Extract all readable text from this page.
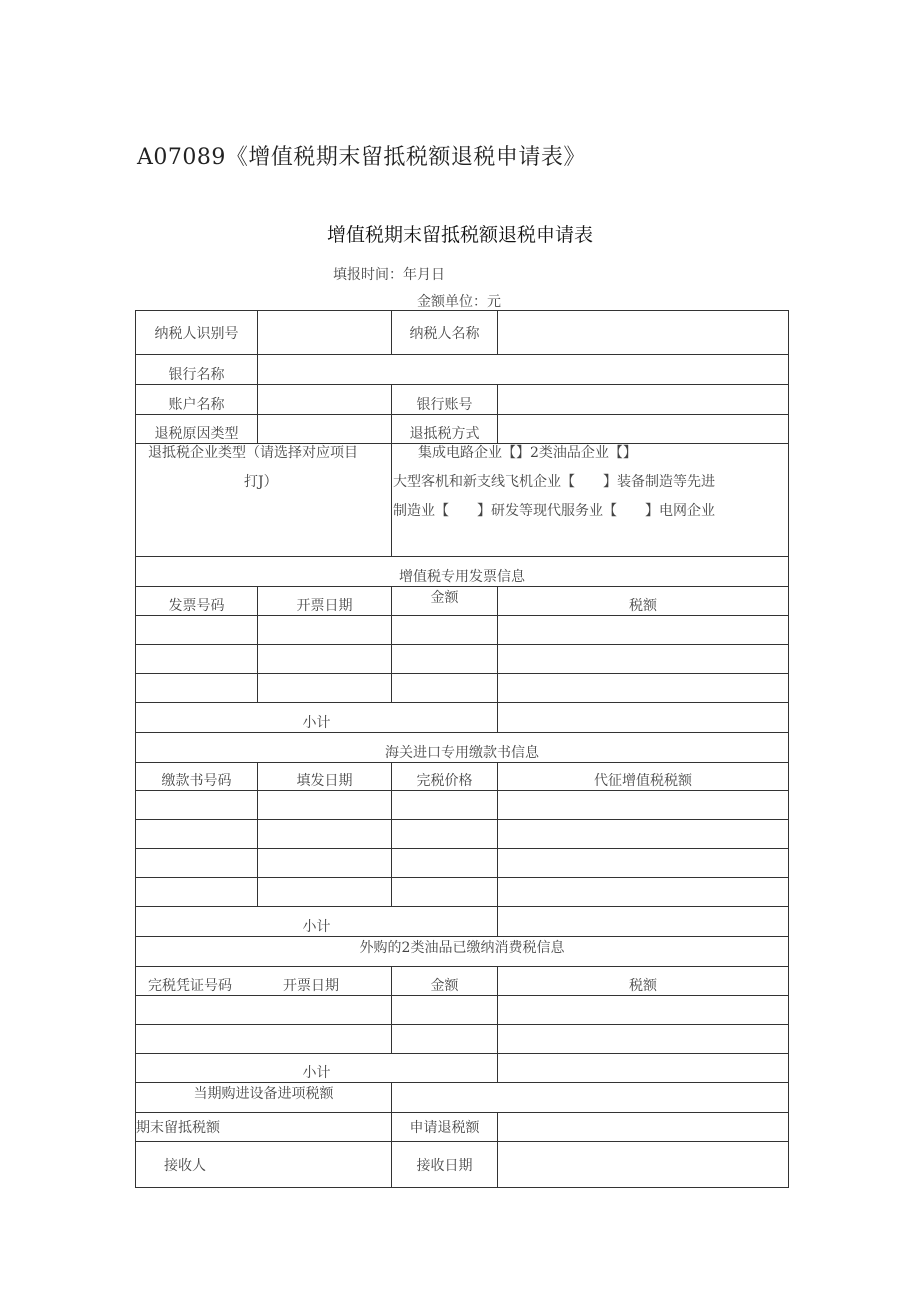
A07089《增值税期末留抵税额退税申请表》
增值税期末留抵税额退税申请表
填报时间：年月日
金额单位：元
纳税人识别号	纳税人名称
银行名称
账户名称	银行账号
退税原因类型	退抵税方式
退抵税企业类型（请选择对应项目
打J）
集成电路企业【】2类油品企业【】
大型客机和新支线飞机企业【　　】装备制造等先进
制造业【　　】研发等现代服务业【　　】电网企业
增值税专用发票信息
发票号码	开票日期	金额	税额
小计
海关进口专用缴款书信息
缴款书号码	填发日期	完税价格	代征增值税税额
小计
外购的2类油品已缴纳消费税信息
完税凭证号码	开票日期	金额	税额
小计
当期购进设备进项税额
期末留抵税额	申请退税额
接收人	接收日期
